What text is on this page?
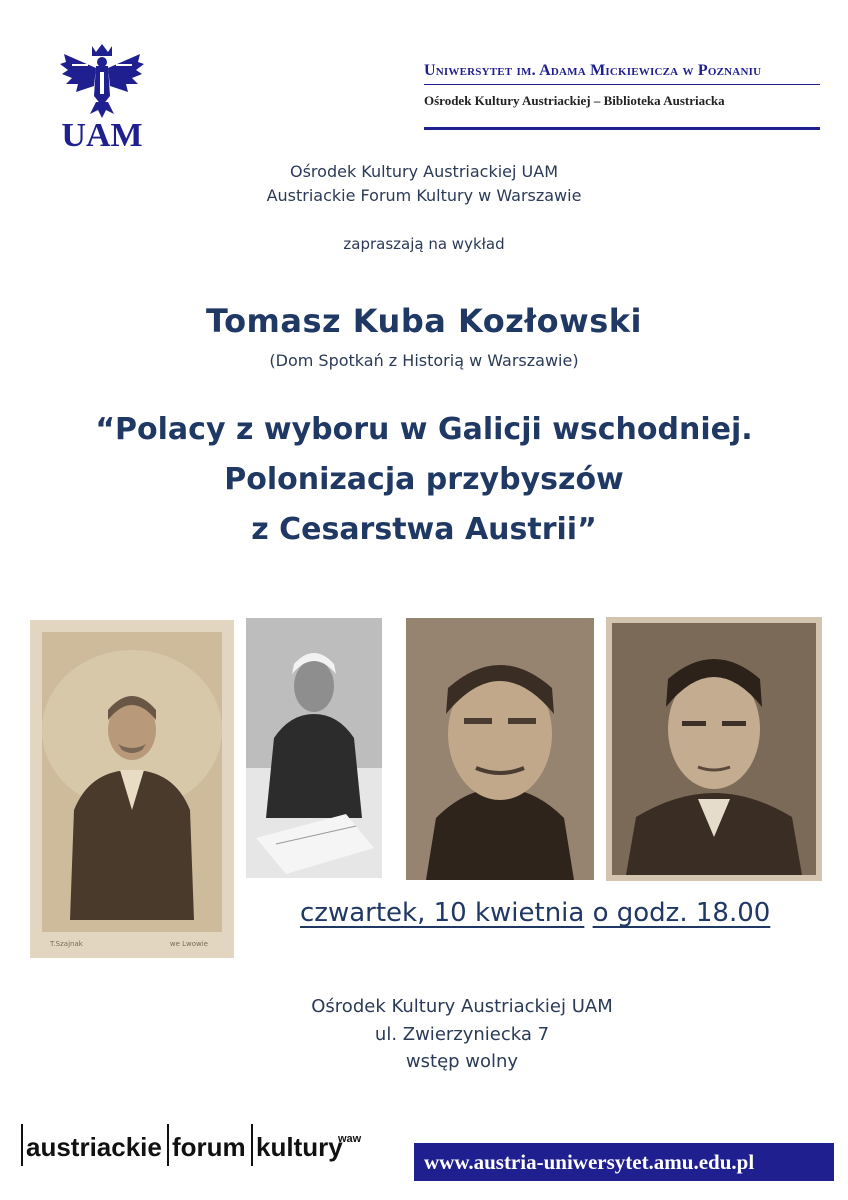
UAM
Uniwersytet im. Adama Mickiewicza w Poznaniu
Ośrodek Kultury Austriackiej – Biblioteka Austriacka
Ośrodek Kultury Austriackiej UAM
Austriackie Forum Kultury w Warszawie
zapraszają na wykład
Tomasz Kuba Kozłowski
(Dom Spotkań z Historią w Warszawie)
“Polacy z wyboru w Galicji wschodniej.
Polonizacja przybyszów
z Cesarstwa Austrii”
T.Szajnak	we Lwowie
czwartek, 10 kwietnia o godz. 18.00
Ośrodek Kultury Austriackiej UAM
ul. Zwierzyniecka 7
wstęp wolny
austriackie forum kultury
waw
www.austria-uniwersytet.amu.edu.pl
